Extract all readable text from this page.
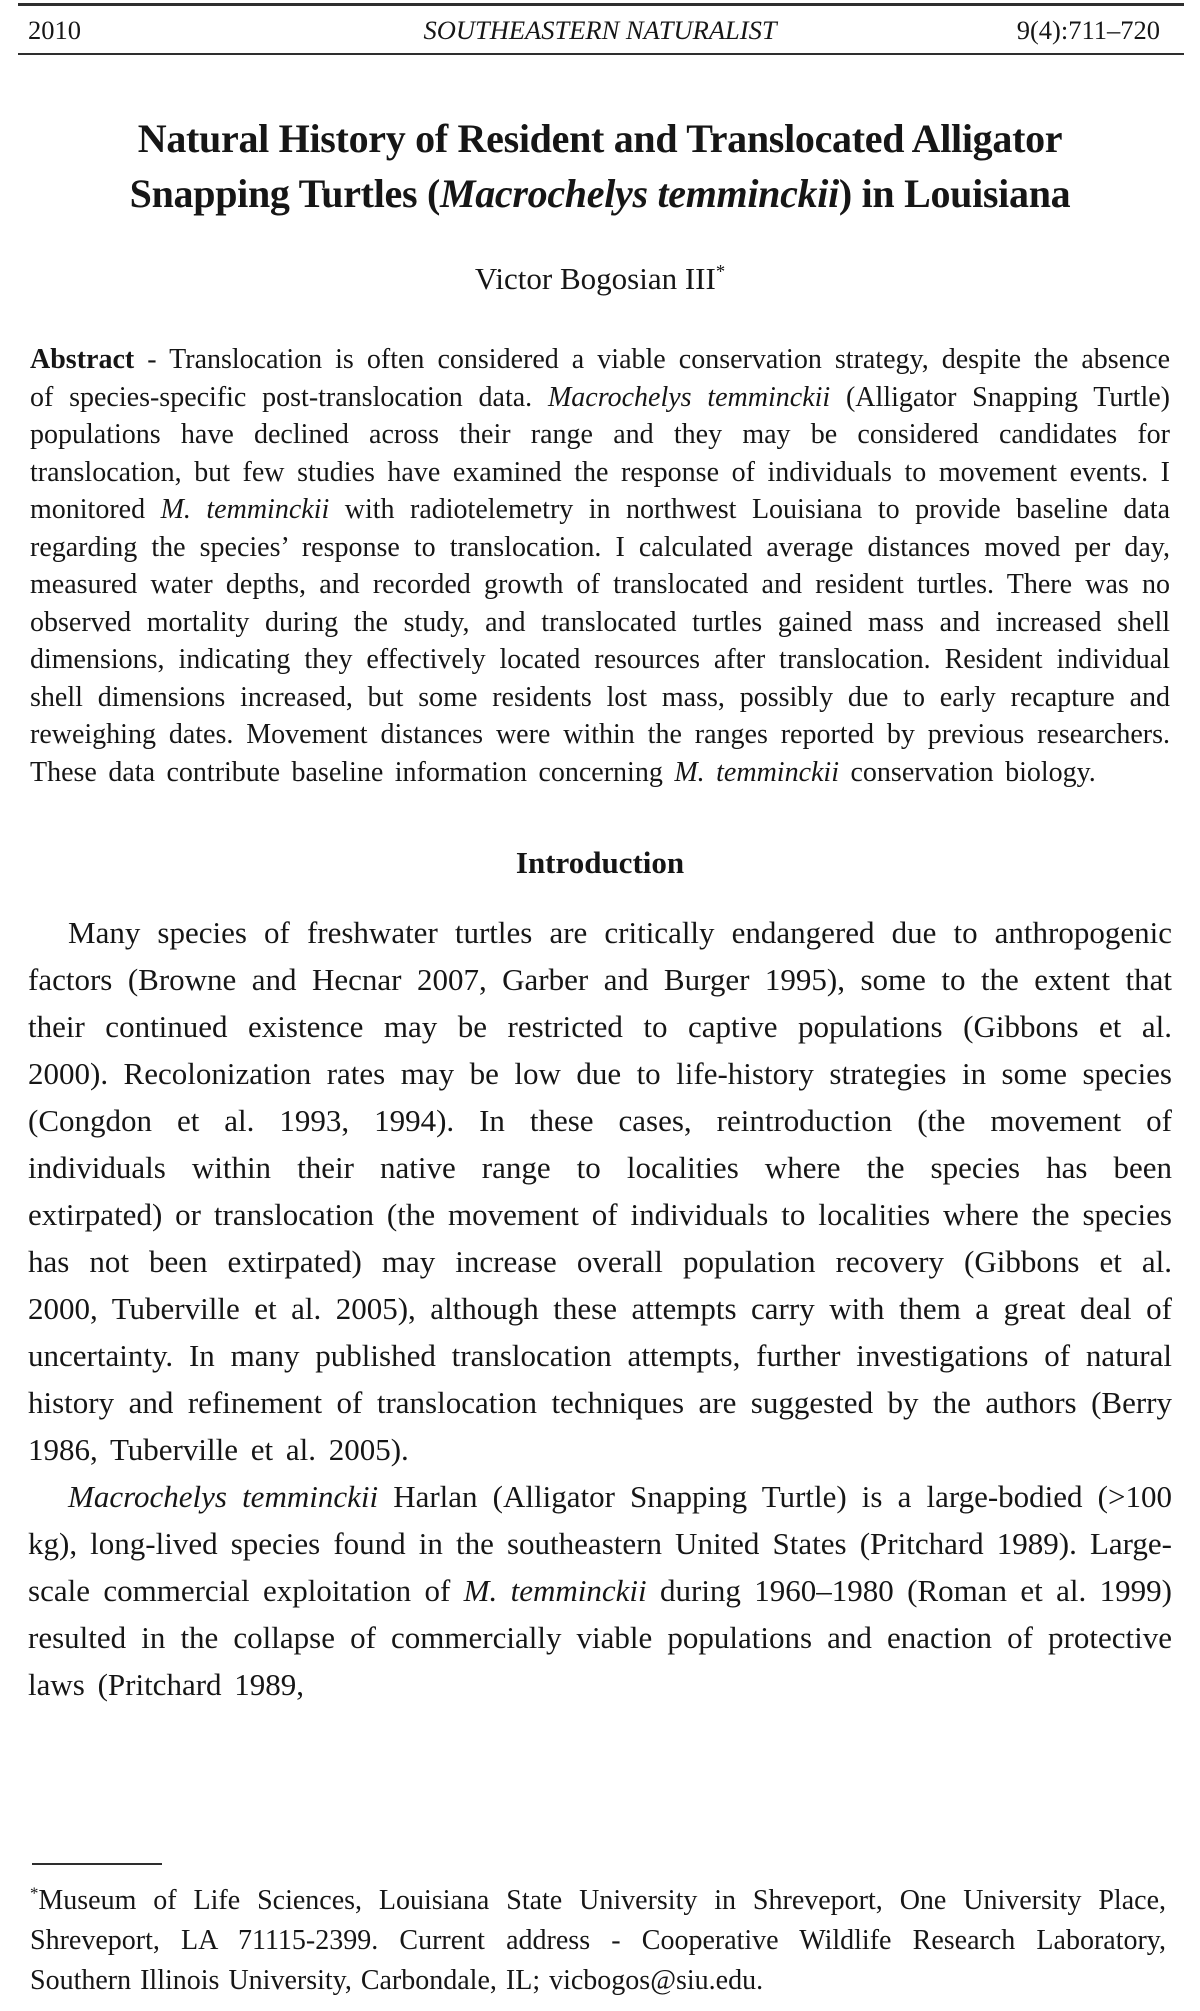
2010	SOUTHEASTERN NATURALIST	9(4):711–720
Natural History of Resident and Translocated Alligator
Snapping Turtles (Macrochelys temminckii) in Louisiana
Victor Bogosian III*

Abstract - Translocation is often considered a viable conservation strategy, despite the absence of species-specific post-translocation data. Macrochelys temminckii (Alligator Snapping Turtle) populations have declined across their range and they may be considered candidates for translocation, but few studies have examined the response of individuals to movement events. I monitored M. temminckii with radiotelemetry in northwest Louisiana to provide baseline data regarding the species’ response to translocation. I calculated average distances moved per day, measured water depths, and recorded growth of translocated and resident turtles. There was no observed mortality during the study, and translocated turtles gained mass and increased shell dimensions, indicating they effectively located resources after translocation. Resident individual shell dimensions increased, but some residents lost mass, possibly due to early recapture and reweighing dates. Movement distances were within the ranges reported by previous researchers. These data contribute baseline information concerning M. temminckii conservation biology.

Introduction

Many species of freshwater turtles are critically endangered due to anthropogenic factors (Browne and Hecnar 2007, Garber and Burger 1995), some to the extent that their continued existence may be restricted to captive populations (Gibbons et al. 2000). Recolonization rates may be low due to life-history strategies in some species (Congdon et al. 1993, 1994). In these cases, reintroduction (the movement of individuals within their native range to localities where the species has been extirpated) or translocation (the movement of individuals to localities where the species has not been extirpated) may increase overall population recovery (Gibbons et al. 2000, Tuberville et al. 2005), although these attempts carry with them a great deal of uncertainty. In many published translocation attempts, further investigations of natural history and refinement of translocation techniques are suggested by the authors (Berry 1986, Tuberville et al. 2005).

Macrochelys temminckii Harlan (Alligator Snapping Turtle) is a large-bodied (>100 kg), long-lived species found in the southeastern United States (Pritchard 1989). Large-scale commercial exploitation of M. temminckii during 1960–1980 (Roman et al. 1999) resulted in the collapse of commercially viable populations and enaction of protective laws (Pritchard 1989,

*Museum of Life Sciences, Louisiana State University in Shreveport, One University Place, Shreveport, LA 71115-2399. Current address - Cooperative Wildlife Research Laboratory, Southern Illinois University, Carbondale, IL; vicbogos@siu.edu.
